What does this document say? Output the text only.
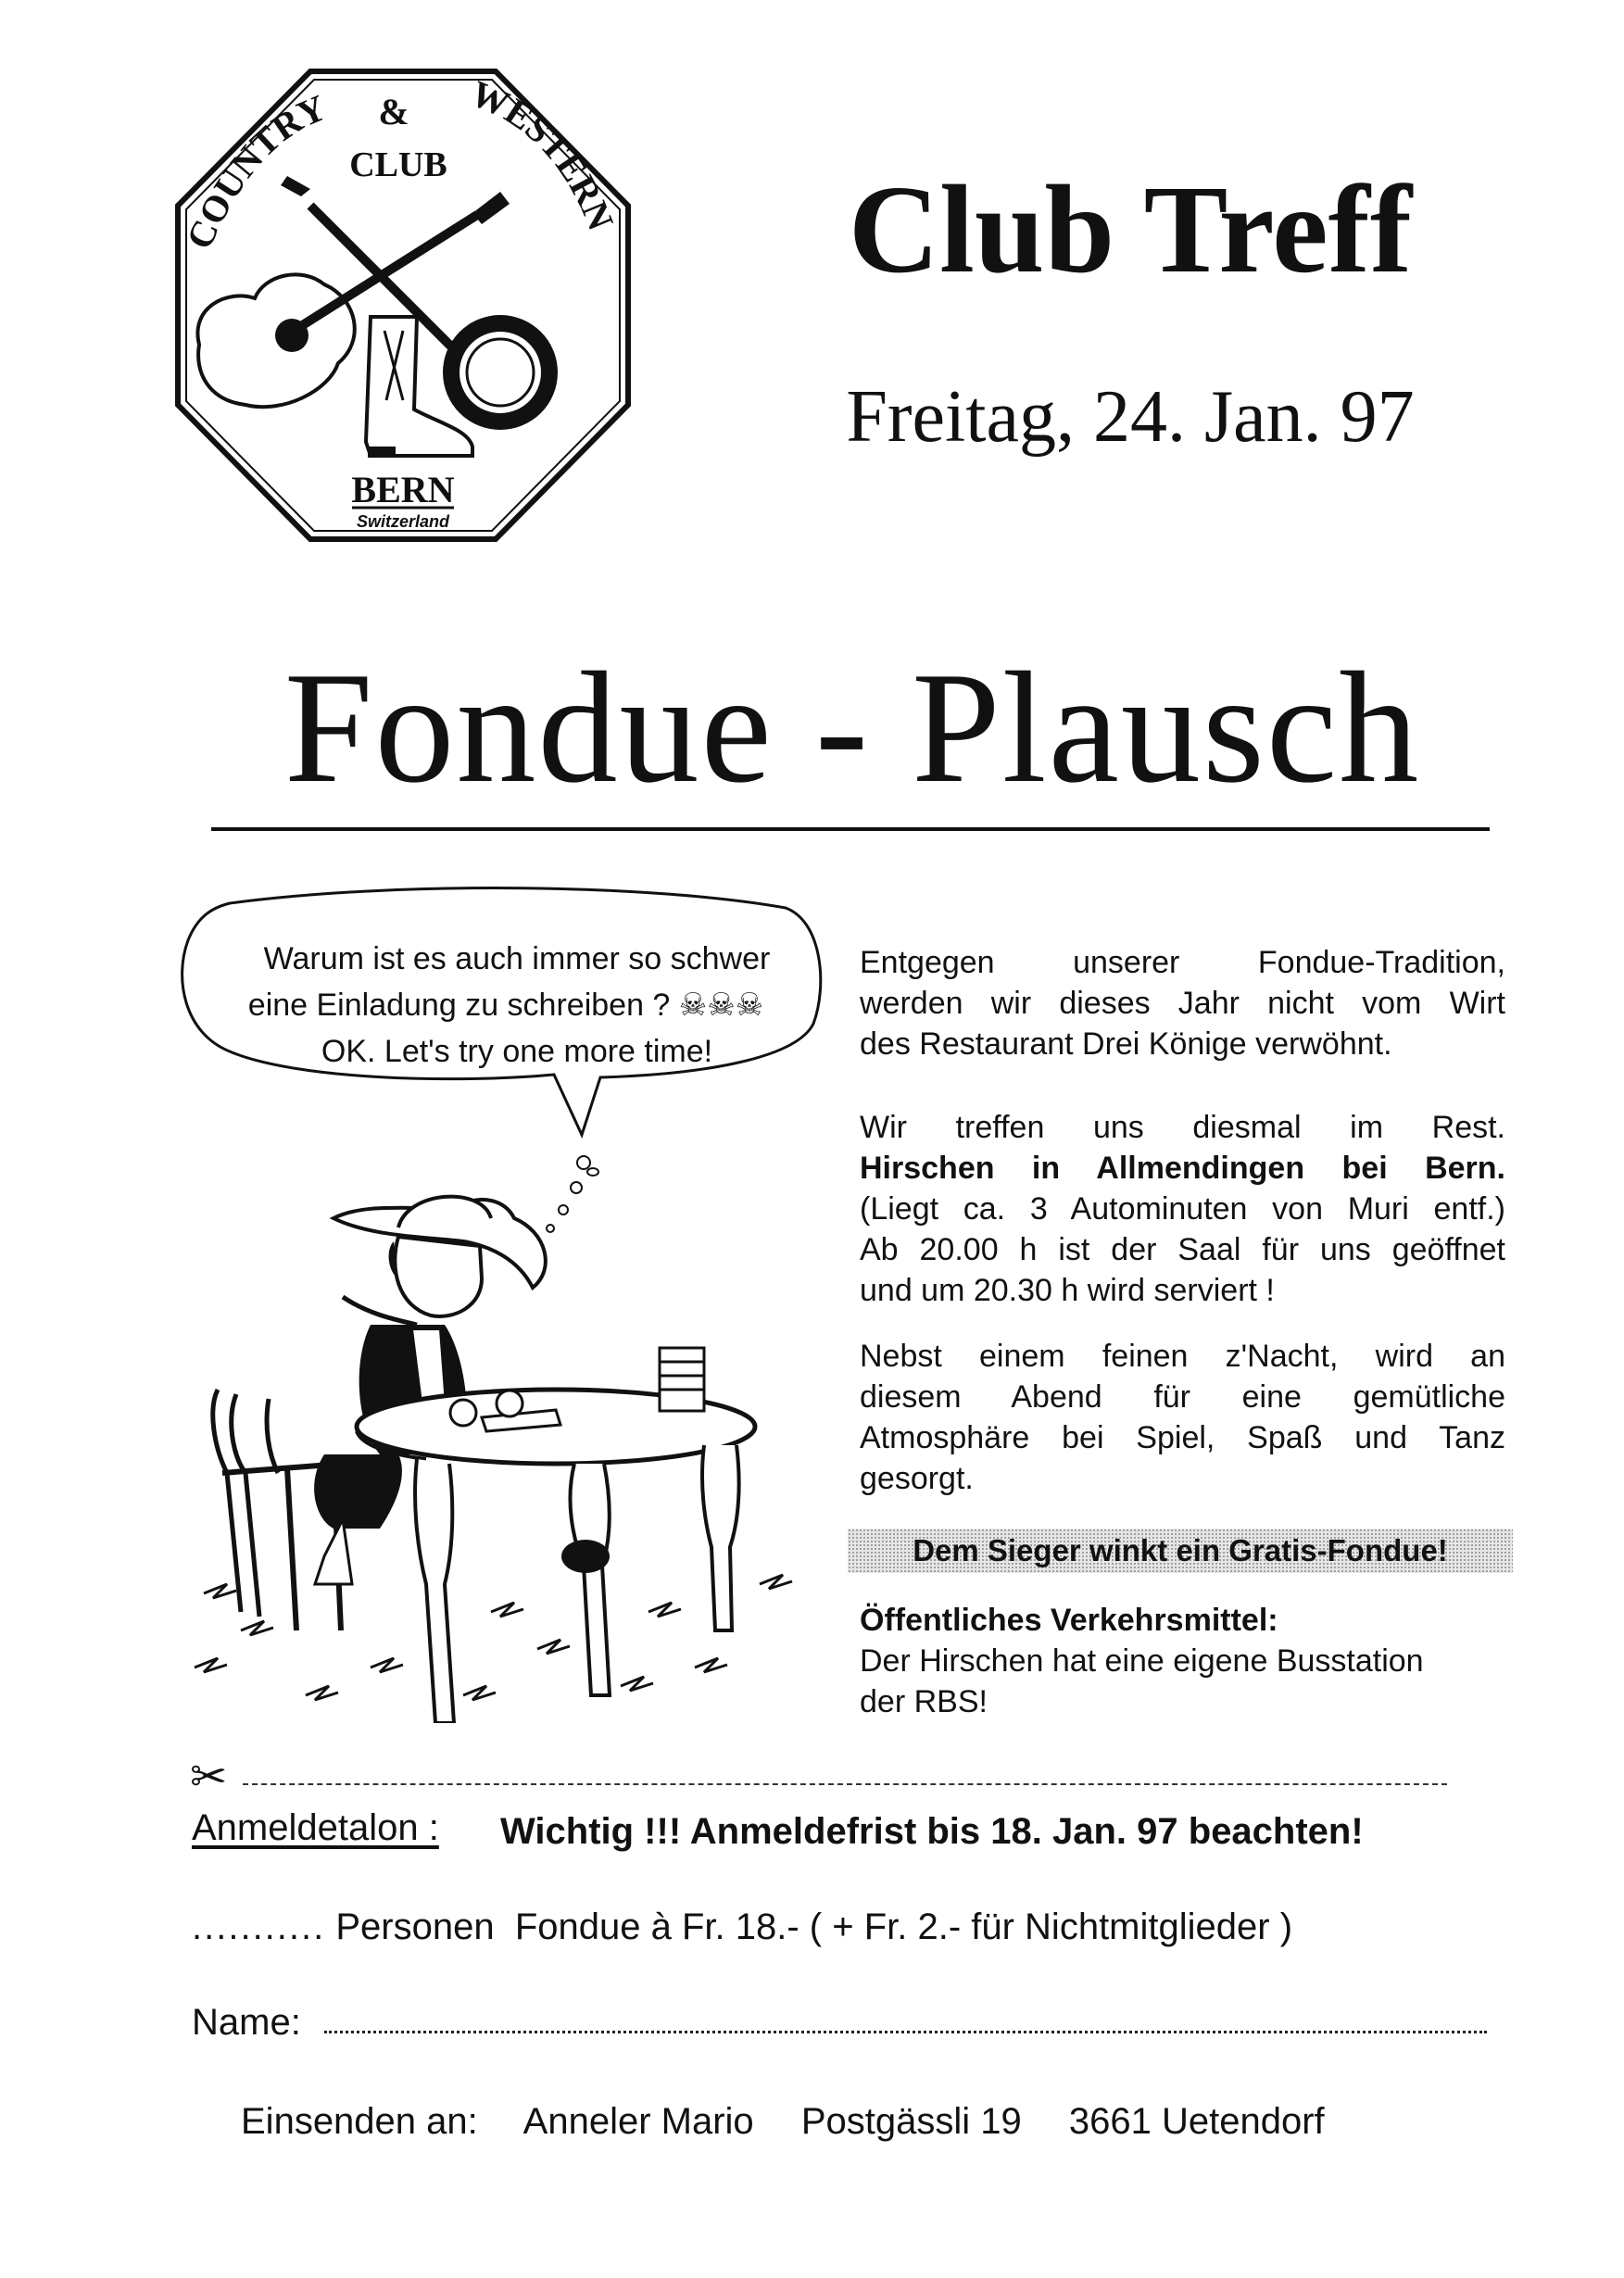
COUNTRY	WESTERN
&
CLUB
BERN
Switzerland
Club Treff
Freitag, 24. Jan. 97
Fondue - Plausch
Warum ist es auch immer so schwer
eine Einladung zu schreiben ? ☠☠☠
OK. Let's try one more time!

Entgegen unserer Fondue-Tradition,

werden wir dieses Jahr nicht vom Wirt

des Restaurant Drei Könige verwöhnt.

Wir treffen uns diesmal im Rest.

Hirschen in Allmendingen bei Bern.

(Liegt ca. 3 Autominuten von Muri entf.)

Ab 20.00 h ist der Saal für uns geöffnet

und um 20.30 h wird serviert !

Nebst einem feinen z'Nacht, wird an

diesem Abend für eine gemütliche

Atmosphäre bei Spiel, Spaß und Tanz

gesorgt.

Dem Sieger winkt ein Gratis-Fondue!

Öffentliches Verkehrsmittel:

Der Hirschen hat eine eigene Busstation

der RBS!

✂
Anmeldetalon : Wichtig !!! Anmeldefrist bis 18. Jan. 97 beachten!
........... Personen  Fondue à Fr. 18.- ( + Fr. 2.- für Nichtmitglieder )
Name:
Einsenden an: Anneler Mario Postgässli 19 3661 Uetendorf
